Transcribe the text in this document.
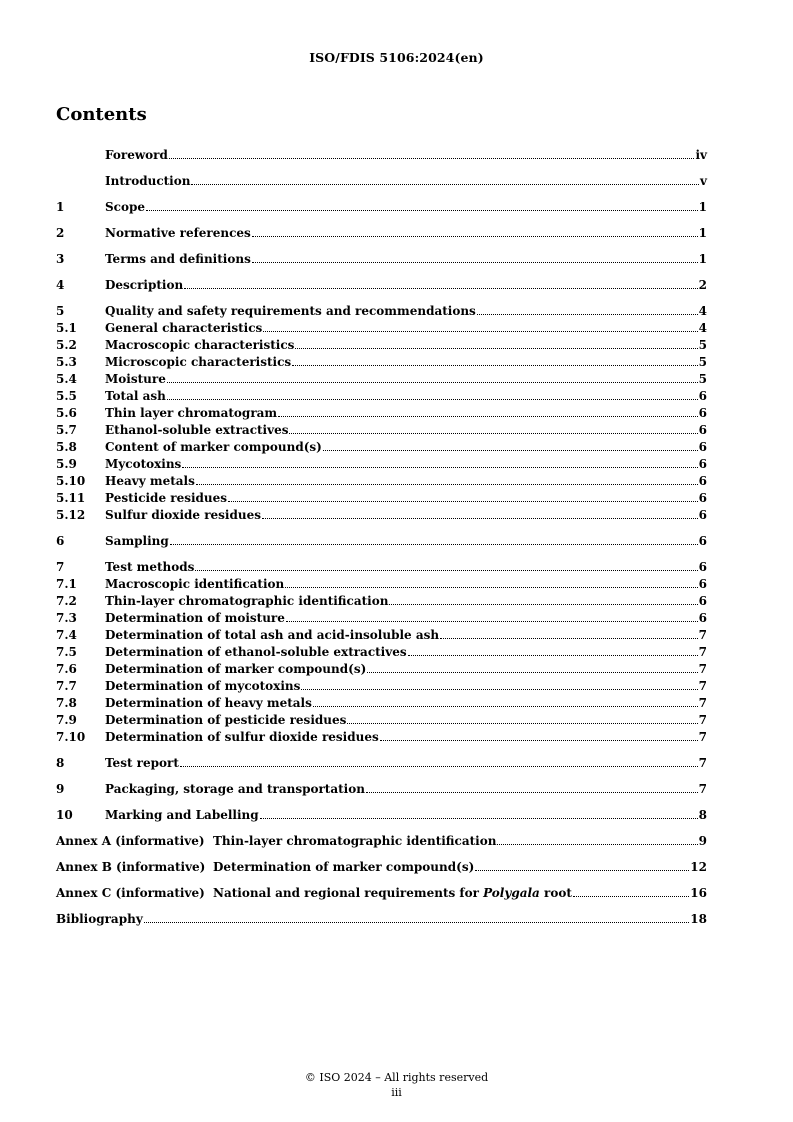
ISO/FDIS 5106:2024(en)
Contents
Foreword	iv
Introduction	v
1	Scope	1
2	Normative references	1
3	Terms and definitions	1
4	Description	2
5	Quality and safety requirements and recommendations	4
5.1	General characteristics	4
5.2	Macroscopic characteristics	5
5.3	Microscopic characteristics	5
5.4	Moisture	5
5.5	Total ash	6
5.6	Thin layer chromatogram	6
5.7	Ethanol-soluble extractives	6
5.8	Content of marker compound(s)	6
5.9	Mycotoxins	6
5.10	Heavy metals	6
5.11	Pesticide residues	6
5.12	Sulfur dioxide residues	6
6	Sampling	6
7	Test methods	6
7.1	Macroscopic identification	6
7.2	Thin-layer chromatographic identification	6
7.3	Determination of moisture	6
7.4	Determination of total ash and acid-insoluble ash	7
7.5	Determination of ethanol-soluble extractives	7
7.6	Determination of marker compound(s)	7
7.7	Determination of mycotoxins	7
7.8	Determination of heavy metals	7
7.9	Determination of pesticide residues	7
7.10	Determination of sulfur dioxide residues	7
8	Test report	7
9	Packaging, storage and transportation	7
10	Marking and Labelling	8
Annex A (informative) Thin-layer chromatographic identification	9
Annex B (informative) Determination of marker compound(s)	12
Annex C (informative) National and regional requirements for Polygala root	16
Bibliography	18
© ISO 2024 – All rights reserved
iii
